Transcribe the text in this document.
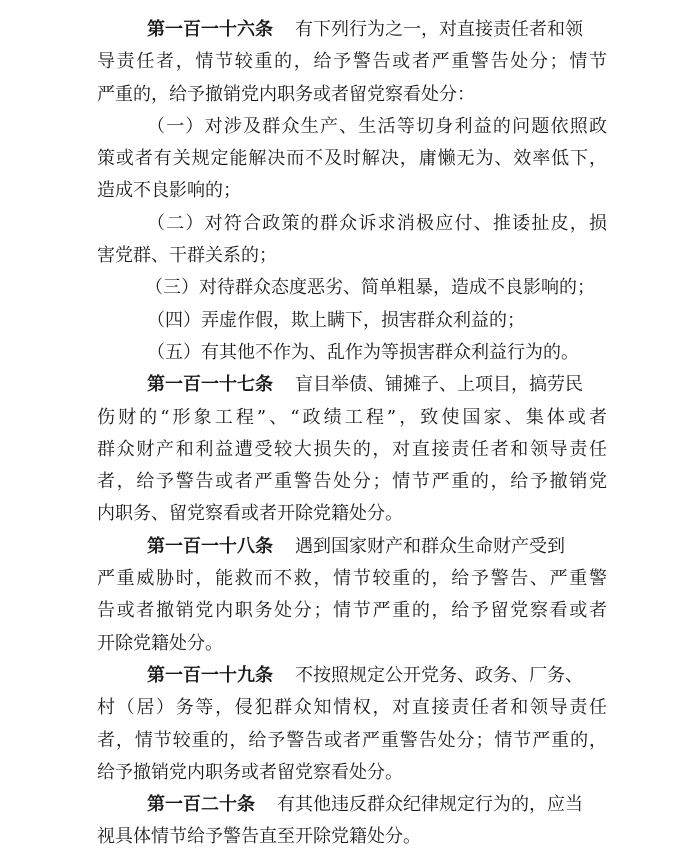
第一百一十六条 有下列行为之一，对直接责任者和领
导责任者，情节较重的，给予警告或者严重警告处分；情节
严重的，给予撤销党内职务或者留党察看处分：
（一）对涉及群众生产、生活等切身利益的问题依照政
策或者有关规定能解决而不及时解决，庸懒无为、效率低下，
造成不良影响的；
（二）对符合政策的群众诉求消极应付、推诿扯皮，损
害党群、干群关系的；
（三）对待群众态度恶劣、简单粗暴，造成不良影响的；
（四）弄虚作假，欺上瞒下，损害群众利益的；
（五）有其他不作为、乱作为等损害群众利益行为的。
第一百一十七条 盲目举债、铺摊子、上项目，搞劳民
伤财的“形象工程”、“政绩工程”，致使国家、集体或者
群众财产和利益遭受较大损失的，对直接责任者和领导责任
者，给予警告或者严重警告处分；情节严重的，给予撤销党
内职务、留党察看或者开除党籍处分。
第一百一十八条 遇到国家财产和群众生命财产受到
严重威胁时，能救而不救，情节较重的，给予警告、严重警
告或者撤销党内职务处分；情节严重的，给予留党察看或者
开除党籍处分。
第一百一十九条 不按照规定公开党务、政务、厂务、
村（居）务等，侵犯群众知情权，对直接责任者和领导责任
者，情节较重的，给予警告或者严重警告处分；情节严重的，
给予撤销党内职务或者留党察看处分。
第一百二十条 有其他违反群众纪律规定行为的，应当
视具体情节给予警告直至开除党籍处分。
